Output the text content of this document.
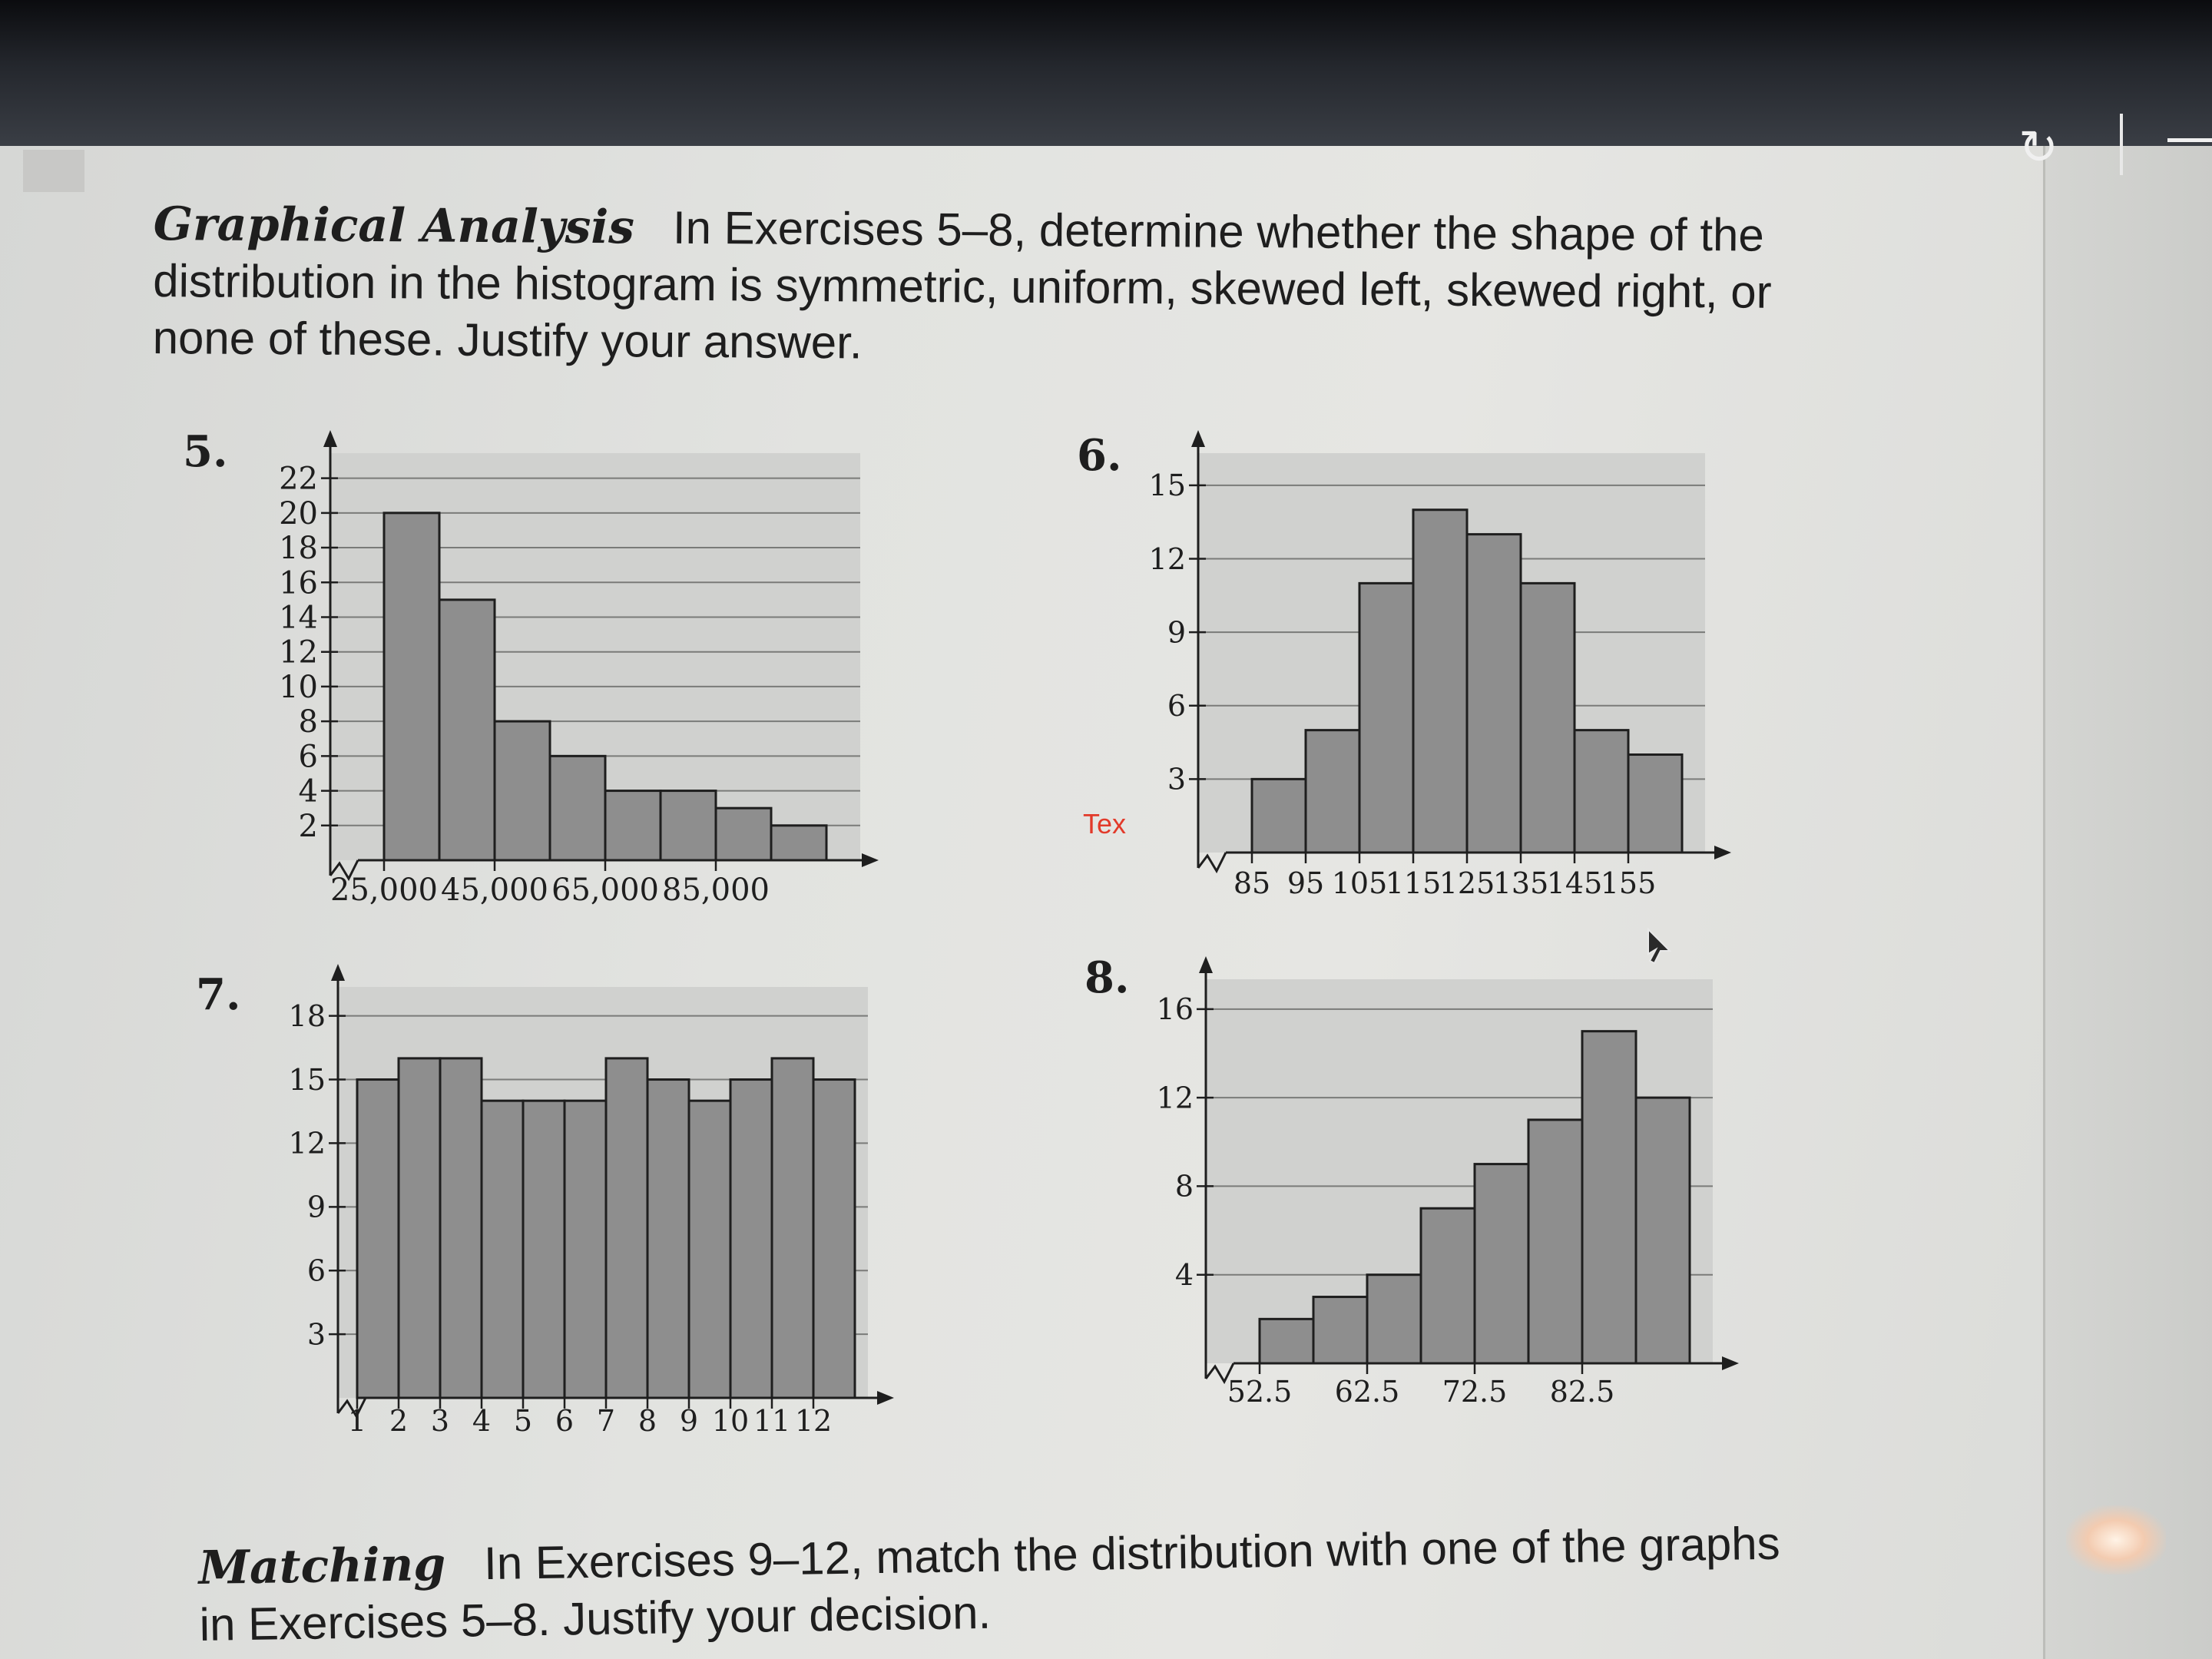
↻
Graphical Analysis In Exercises 5–8, determine whether the shape of the distribution in the histogram is symmetric, uniform, skewed left, skewed right, or none of these. Justify your answer.
5.	6.
7.	8.
2
4
6
8
10
12
14
16
18
20
22
25,000 45,000 65,000 85,000
3
6
9
12
15
85 95 105
115
125
135
145
155
3
6
9
12
15
18
1 2 3 4 5 6 7 8 9 10 11 12
4
8
12
16
52.5 62.5 72.5 82.5
Tex
Matching In Exercises 9–12, match the distribution with one of the graphs in Exercises 5–8. Justify your decision.
